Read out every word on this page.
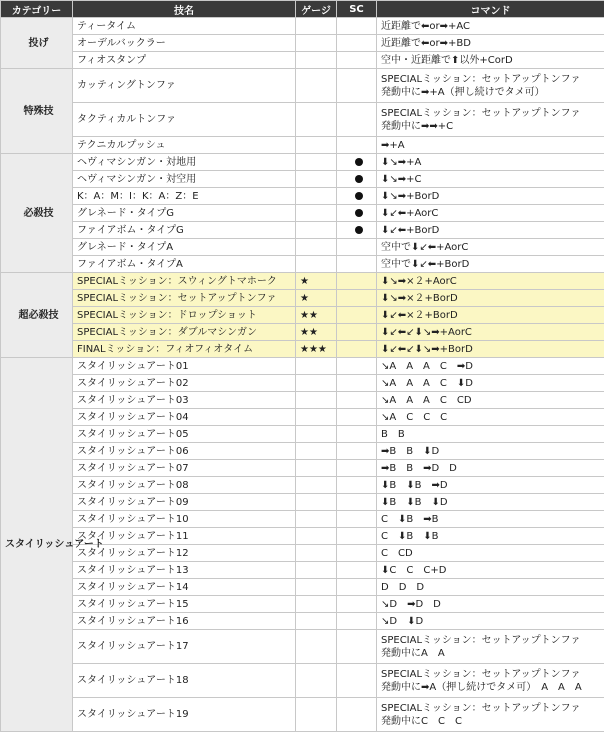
カテゴリー	技名	ゲージ	SC	コマンド
投げ	ティータイム			近距離で⬅or➡+AC
	オーデルバックラー			近距離で⬅or➡+BD
	フィオスタンプ			空中・近距離で⬆以外+CorD
特殊技	カッティングトンファ			SPECIALミッション：セットアップトンファ
発動中に➡+A（押し続けでタメ可）
	タクティカルトンファ			SPECIALミッション：セットアップトンファ
発動中に➡➡+C
	テクニカルプッシュ			➡+A
必殺技	ヘヴィマシンガン・対地用			⬇↘➡+A
	ヘヴィマシンガン・対空用			⬇↘➡+C
	K：A：M：I：K：A：Z：E			⬇↘➡+BorD
	グレネード・タイプG			⬇↙⬅+AorC
	ファイアボム・タイプG			⬇↙⬅+BorD
	グレネード・タイプA			空中で⬇↙⬅+AorC
	ファイアボム・タイプA			空中で⬇↙⬅+BorD
超必殺技	SPECIALミッション：スウィングトマホーク	★		⬇↘➡×２+AorC
	SPECIALミッション：セットアップトンファ	★		⬇↘➡×２+BorD
	SPECIALミッション：ドロップショット	★★		⬇↙⬅×２+BorD
	SPECIALミッション：ダブルマシンガン	★★		⬇↙⬅↙⬇↘➡+AorC
	FINALミッション：フィオフィオタイム	★★★		⬇↙⬅↙⬇↘➡+BorD
スタイリッシュアート	スタイリッシュアート01			↘A　A　A　C　➡D
	スタイリッシュアート02			↘A　A　A　C　⬇D
	スタイリッシュアート03			↘A　A　A　C　CD
	スタイリッシュアート04			↘A　C　C　C
	スタイリッシュアート05			B　B
	スタイリッシュアート06			➡B　B　⬇D
	スタイリッシュアート07			➡B　B　➡D　D
	スタイリッシュアート08			⬇B　⬇B　➡D
	スタイリッシュアート09			⬇B　⬇B　⬇D
	スタイリッシュアート10			C　⬇B　➡B
	スタイリッシュアート11			C　⬇B　⬇B
	スタイリッシュアート12			C　CD
	スタイリッシュアート13			⬇C　C　C+D
	スタイリッシュアート14			D　D　D
	スタイリッシュアート15			↘D　➡D　D
	スタイリッシュアート16			↘D　⬇D
	スタイリッシュアート17			SPECIALミッション：セットアップトンファ
発動中にA　A
	スタイリッシュアート18			SPECIALミッション：セットアップトンファ
発動中に➡A（押し続けでタメ可）　A　A　A
	スタイリッシュアート19			SPECIALミッション：セットアップトンファ
発動中にC　C　C
